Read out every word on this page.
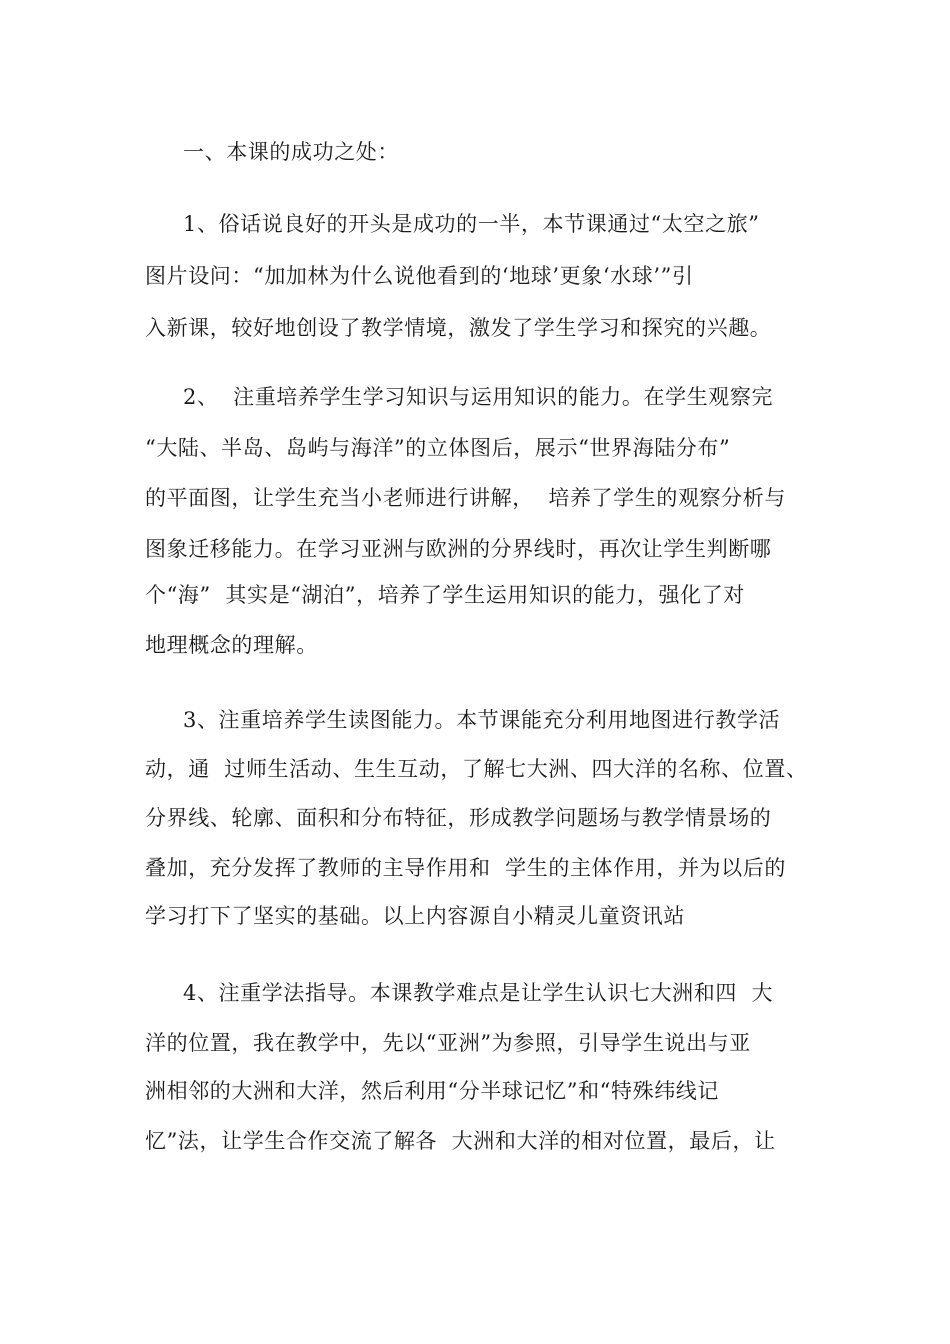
一、本课的成功之处：
1、俗话说良好的开头是成功的一半，本节课通过“太空之旅”
图片设问：“加加林为什么说他看到的‘地球’更象‘水球’”引
入新课，较好地创设了教学情境，激发了学生学习和探究的兴趣。
2、  注重培养学生学习知识与运用知识的能力。在学生观察完
“大陆、半岛、岛屿与海洋”的立体图后，展示“世界海陆分布”
的平面图，让学生充当小老师进行讲解，  培养了学生的观察分析与
图象迁移能力。在学习亚洲与欧洲的分界线时，再次让学生判断哪
个“海”  其实是“湖泊”，培养了学生运用知识的能力，强化了对
地理概念的理解。
3、注重培养学生读图能力。本节课能充分利用地图进行教学活
动，通  过师生活动、生生互动，了解七大洲、四大洋的名称、位置、
分界线、轮廓、面积和分布特征，形成教学问题场与教学情景场的
叠加，充分发挥了教师的主导作用和  学生的主体作用，并为以后的
学习打下了坚实的基础。以上内容源自小精灵儿童资讯站
4、注重学法指导。本课教学难点是让学生认识七大洲和四  大
洋的位置，我在教学中，先以“亚洲”为参照，引导学生说出与亚
洲相邻的大洲和大洋，然后利用“分半球记忆”和“特殊纬线记
忆”法，让学生合作交流了解各  大洲和大洋的相对位置，最后，让
